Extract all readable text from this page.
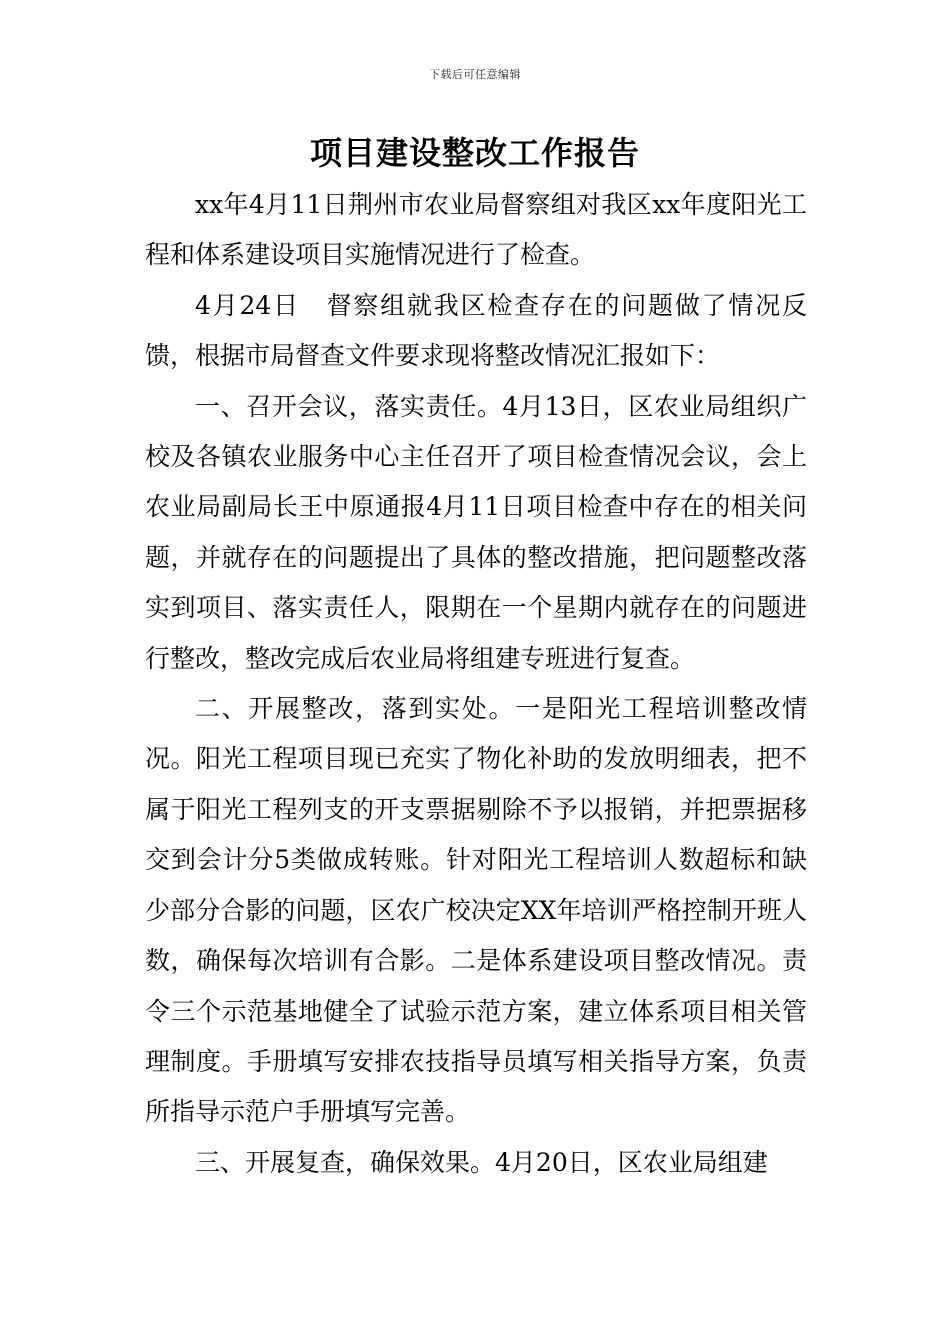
下载后可任意编辑
项目建设整改工作报告

xx年4月11日荆州市农业局督察组对我区xx年度阳光工程和体系建设项目实施情况进行了检查。

4月24日　督察组就我区检查存在的问题做了情况反馈，根据市局督查文件要求现将整改情况汇报如下：

一、召开会议，落实责任。4月13日，区农业局组织广校及各镇农业服务中心主任召开了项目检查情况会议，会上农业局副局长王中原通报4月11日项目检查中存在的相关问题，并就存在的问题提出了具体的整改措施，把问题整改落实到项目、落实责任人，限期在一个星期内就存在的问题进行整改，整改完成后农业局将组建专班进行复查。

二、开展整改，落到实处。一是阳光工程培训整改情况。阳光工程项目现已充实了物化补助的发放明细表，把不属于阳光工程列支的开支票据剔除不予以报销，并把票据移交到会计分5类做成转账。针对阳光工程培训人数超标和缺少部分合影的问题，区农广校决定XX年培训严格控制开班人数，确保每次培训有合影。二是体系建设项目整改情况。责令三个示范基地健全了试验示范方案，建立体系项目相关管理制度。手册填写安排农技指导员填写相关指导方案，负责所指导示范户手册填写完善。

三、开展复查，确保效果。4月20日，区农业局组建
